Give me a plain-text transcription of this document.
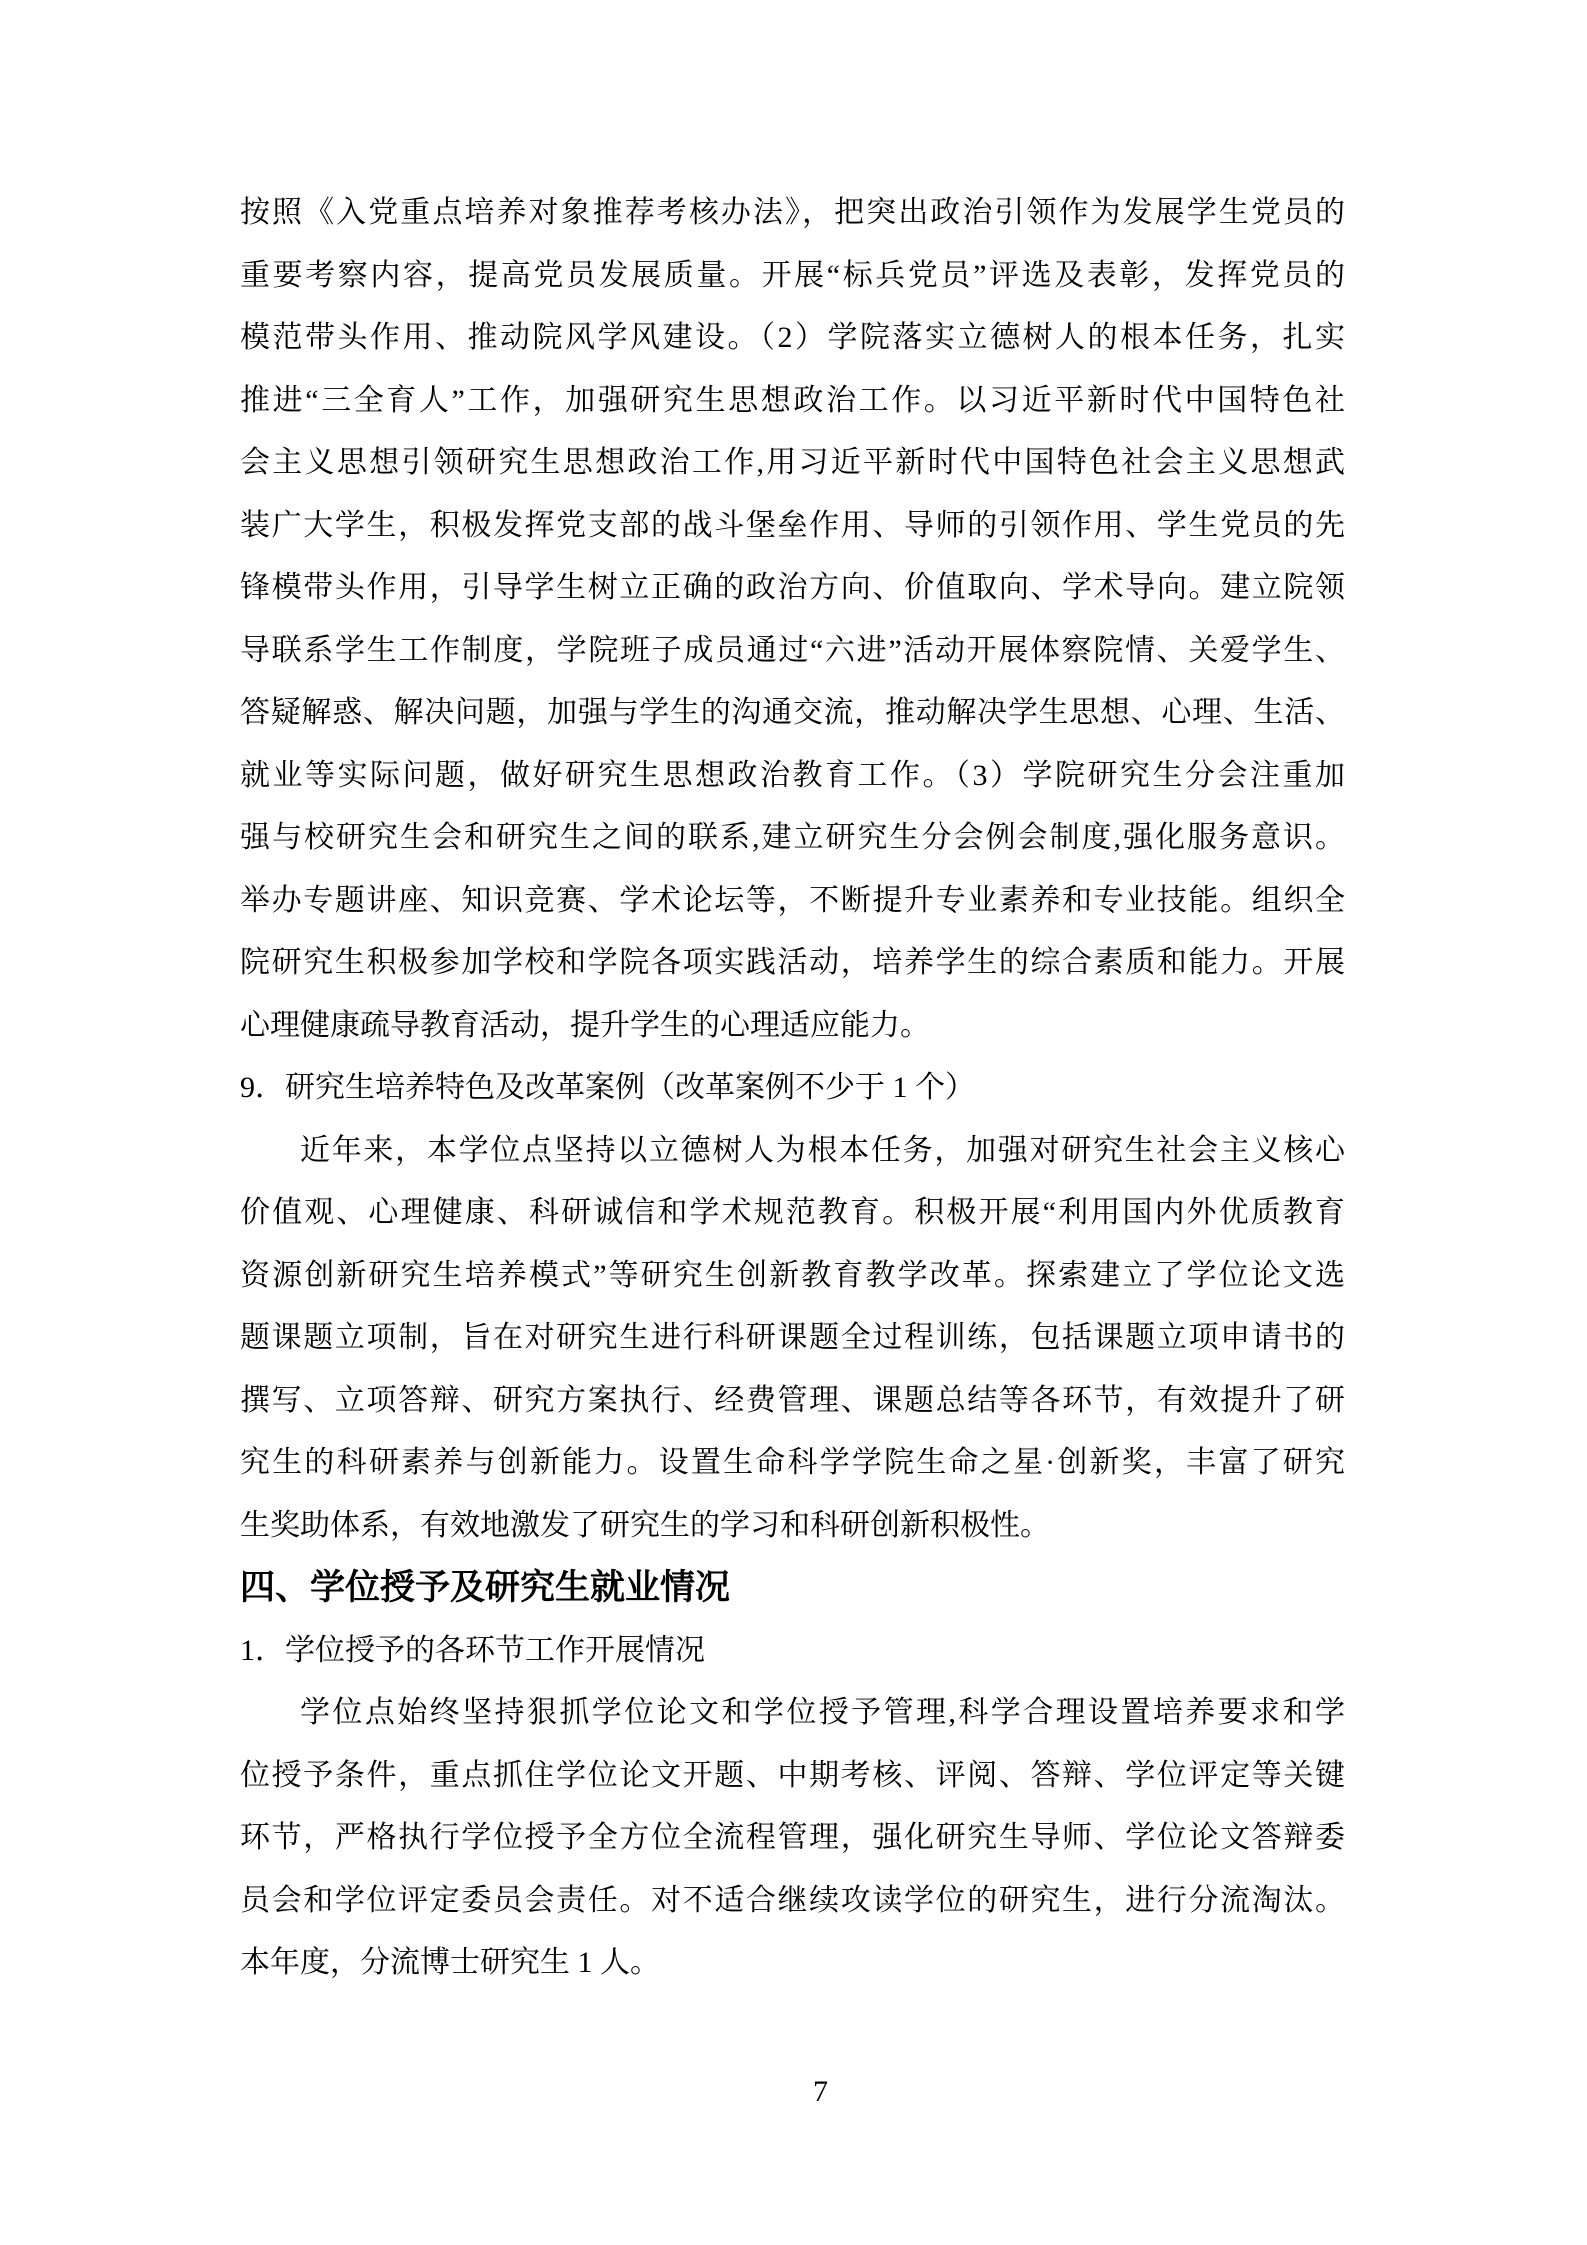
按照《入党重点培养对象推荐考核办法》，把突出政治引领作为发展学生党员的
重要考察内容，提高党员发展质量。开展“标兵党员”评选及表彰，发挥党员的
模范带头作用、推动院风学风建设。（2）学院落实立德树人的根本任务，扎实
推进“三全育人”工作，加强研究生思想政治工作。以习近平新时代中国特色社
会主义思想引领研究生思想政治工作,用习近平新时代中国特色社会主义思想武
装广大学生，积极发挥党支部的战斗堡垒作用、导师的引领作用、学生党员的先
锋模带头作用，引导学生树立正确的政治方向、价值取向、学术导向。建立院领
导联系学生工作制度，学院班子成员通过“六进”活动开展体察院情、关爱学生、
答疑解惑、解决问题，加强与学生的沟通交流，推动解决学生思想、心理、生活、
就业等实际问题，做好研究生思想政治教育工作。（3）学院研究生分会注重加
强与校研究生会和研究生之间的联系,建立研究生分会例会制度,强化服务意识。
举办专题讲座、知识竞赛、学术论坛等，不断提升专业素养和专业技能。组织全
院研究生积极参加学校和学院各项实践活动，培养学生的综合素质和能力。开展
心理健康疏导教育活动，提升学生的心理适应能力。
9．研究生培养特色及改革案例（改革案例不少于 1 个）
近年来，本学位点坚持以立德树人为根本任务，加强对研究生社会主义核心
价值观、心理健康、科研诚信和学术规范教育。积极开展“利用国内外优质教育
资源创新研究生培养模式”等研究生创新教育教学改革。探索建立了学位论文选
题课题立项制，旨在对研究生进行科研课题全过程训练，包括课题立项申请书的
撰写、立项答辩、研究方案执行、经费管理、课题总结等各环节，有效提升了研
究生的科研素养与创新能力。设置生命科学学院生命之星·创新奖，丰富了研究
生奖助体系，有效地激发了研究生的学习和科研创新积极性。
四、学位授予及研究生就业情况
1．学位授予的各环节工作开展情况
学位点始终坚持狠抓学位论文和学位授予管理,科学合理设置培养要求和学
位授予条件，重点抓住学位论文开题、中期考核、评阅、答辩、学位评定等关键
环节，严格执行学位授予全方位全流程管理，强化研究生导师、学位论文答辩委
员会和学位评定委员会责任。对不适合继续攻读学位的研究生，进行分流淘汰。
本年度，分流博士研究生 1 人。
7
